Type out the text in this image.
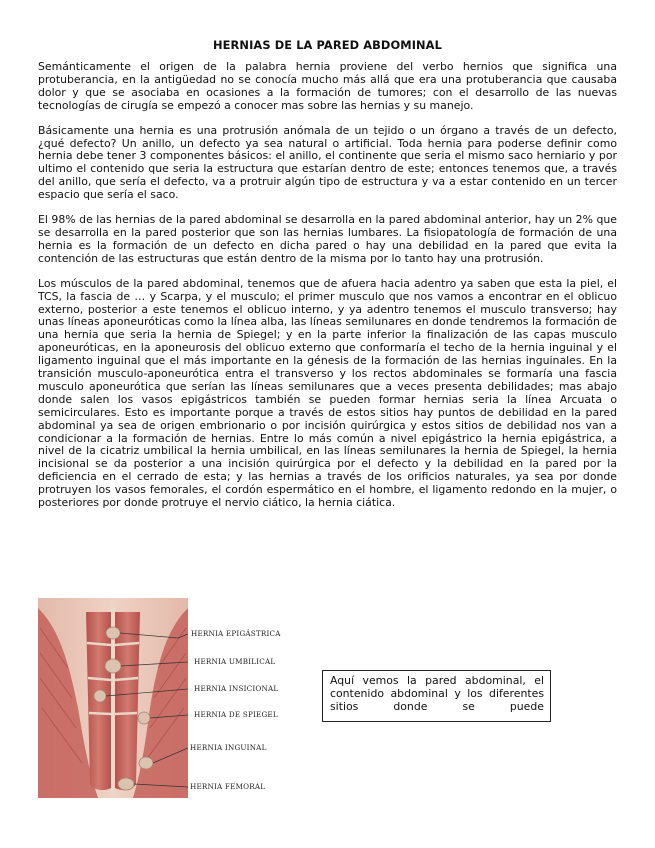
HERNIAS DE LA PARED ABDOMINAL

Semánticamente el origen de la palabra hernia proviene del verbo hernios que significa una protuberancia, en la antigüedad no se conocía mucho más allá que era una protuberancia que causaba dolor y que se asociaba en ocasiones a la formación de tumores; con el desarrollo de las nuevas tecnologías de cirugía se empezó a conocer mas sobre las hernias y su manejo.

Básicamente una hernia es una protrusión anómala de un tejido o un órgano a través de un defecto, ¿qué defecto? Un anillo, un defecto ya sea natural o artificial. Toda hernia para poderse definir como hernia debe tener 3 componentes básicos: el anillo, el continente que seria el mismo saco herniario y por ultimo el contenido que seria la estructura que estarían dentro de este; entonces tenemos que, a través del anillo, que sería el defecto, va a protruir algún tipo de estructura y va a estar contenido en un tercer espacio que sería el saco.

El 98% de las hernias de la pared abdominal se desarrolla en la pared abdominal anterior, hay un 2% que se desarrolla en la pared posterior que son las hernias lumbares. La fisiopatología de formación de una hernia es la formación de un defecto en dicha pared o hay una debilidad en la pared que evita la contención de las estructuras que están dentro de la misma por lo tanto hay una protrusión.

Los músculos de la pared abdominal, tenemos que de afuera hacia adentro ya saben que esta la piel, el TCS, la fascia de … y Scarpa, y el musculo; el primer musculo que nos vamos a encontrar en el oblicuo externo, posterior a este tenemos el oblicuo interno, y ya adentro tenemos el musculo transverso; hay unas líneas aponeuróticas como la línea alba, las líneas semilunares en donde tendremos la formación de una hernia que seria la hernia de Spiegel; y en la parte inferior la finalización de las capas musculo aponeuróticas, en la aponeurosis del oblicuo externo que conformaría el techo de la hernia inguinal y el ligamento inguinal que el más importante en la génesis de la formación de las hernias inguinales. En la transición musculo-aponeurótica entra el transverso y los rectos abdominales se formaría una fascia musculo aponeurótica que serían las líneas semilunares que a veces presenta debilidades; mas abajo donde salen los vasos epigástricos también se pueden formar hernias seria la línea Arcuata o semicirculares. Esto es importante porque a través de estos sitios hay puntos de debilidad en la pared abdominal ya sea de origen embrionario o por incisión quirúrgica y estos sitios de debilidad nos van a condicionar a la formación de hernias. Entre lo más común a nivel epigástrico la hernia epigástrica, a nivel de la cicatriz umbilical la hernia umbilical, en las líneas semilunares la hernia de Spiegel, la hernia incisional se da posterior a una incisión quirúrgica por el defecto y la debilidad en la pared por la deficiencia en el cerrado de esta; y las hernias a través de los orificios naturales, ya sea por donde protruyen los vasos femorales, el cordón espermático en el hombre, el ligamento redondo en la mujer, o posteriores por donde protruye el nervio ciático, la hernia ciática.

HERNIA EPIGÁSTRICA
HERNIA UMBILICAL
HERNIA INSICIONAL
HERNIA DE SPIEGEL
HERNIA INGUINAL
HERNIA FEMORAL
Aquí vemos la pared abdominal, el contenido abdominal y los diferentes sitios donde se puede
